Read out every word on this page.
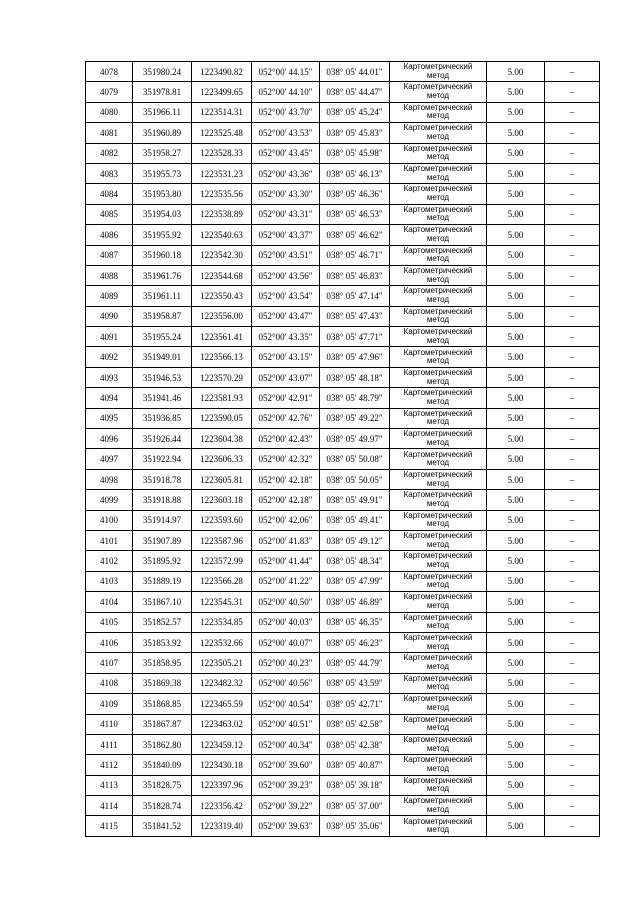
4078	351980.24	1223490.82	052°00' 44.15"	038° 05' 44.01"	Картометрический
метод	5.00	–
4079	351978.81	1223499.65	052°00' 44.10"	038° 05' 44.47"	Картометрический
метод	5.00	–
4080	351966.11	1223514.31	052°00' 43.70"	038° 05' 45.24"	Картометрический
метод	5.00	–
4081	351960.89	1223525.48	052°00' 43.53"	038° 05' 45.83"	Картометрический
метод	5.00	–
4082	351958.27	1223528.33	052°00' 43.45"	038° 05' 45.98"	Картометрический
метод	5.00	–
4083	351955.73	1223531.23	052°00' 43.36"	038° 05' 46.13"	Картометрический
метод	5.00	–
4084	351953.80	1223535.56	052°00' 43.30"	038° 05' 46.36"	Картометрический
метод	5.00	–
4085	351954.03	1223538.89	052°00' 43.31"	038° 05' 46.53"	Картометрический
метод	5.00	–
4086	351955.92	1223540.63	052°00' 43.37"	038° 05' 46.62"	Картометрический
метод	5.00	–
4087	351960.18	1223542.30	052°00' 43.51"	038° 05' 46.71"	Картометрический
метод	5.00	–
4088	351961.76	1223544.68	052°00' 43.56"	038° 05' 46.83"	Картометрический
метод	5.00	–
4089	351961.11	1223550.43	052°00' 43.54"	038° 05' 47.14"	Картометрический
метод	5.00	–
4090	351958.87	1223556.00	052°00' 43.47"	038° 05' 47.43"	Картометрический
метод	5.00	–
4091	351955.24	1223561.41	052°00' 43.35"	038° 05' 47.71"	Картометрический
метод	5.00	–
4092	351949.01	1223566.13	052°00' 43.15"	038° 05' 47.96"	Картометрический
метод	5.00	–
4093	351946.53	1223570.29	052°00' 43.07"	038° 05' 48.18"	Картометрический
метод	5.00	–
4094	351941.46	1223581.93	052°00' 42.91"	038° 05' 48.79"	Картометрический
метод	5.00	–
4095	351936.85	1223590.05	052°00' 42.76"	038° 05' 49.22"	Картометрический
метод	5.00	–
4096	351926.44	1223604.38	052°00' 42.43"	038° 05' 49.97"	Картометрический
метод	5.00	–
4097	351922.94	1223606.33	052°00' 42.32"	038° 05' 50.08"	Картометрический
метод	5.00	–
4098	351918.78	1223605.81	052°00' 42.18"	038° 05' 50.05"	Картометрический
метод	5.00	–
4099	351918.88	1223603.18	052°00' 42.18"	038° 05' 49.91"	Картометрический
метод	5.00	–
4100	351914.97	1223593.60	052°00' 42.06"	038° 05' 49.41"	Картометрический
метод	5.00	–
4101	351907.89	1223587.96	052°00' 41.83"	038° 05' 49.12"	Картометрический
метод	5.00	–
4102	351895.92	1223572.99	052°00' 41.44"	038° 05' 48.34"	Картометрический
метод	5.00	–
4103	351889.19	1223566.28	052°00' 41.22"	038° 05' 47.99"	Картометрический
метод	5.00	–
4104	351867.10	1223545.31	052°00' 40.50"	038° 05' 46.89"	Картометрический
метод	5.00	–
4105	351852.57	1223534.85	052°00' 40.03"	038° 05' 46.35"	Картометрический
метод	5.00	–
4106	351853.92	1223532.66	052°00' 40.07"	038° 05' 46.23"	Картометрический
метод	5.00	–
4107	351858.95	1223505.21	052°00' 40.23"	038° 05' 44.79"	Картометрический
метод	5.00	–
4108	351869.38	1223482.32	052°00' 40.56"	038° 05' 43.59"	Картометрический
метод	5.00	–
4109	351868.85	1223465.59	052°00' 40.54"	038° 05' 42.71"	Картометрический
метод	5.00	–
4110	351867.87	1223463.02	052°00' 40.51"	038° 05' 42.58"	Картометрический
метод	5.00	–
4111	351862.80	1223459.12	052°00' 40.34"	038° 05' 42.38"	Картометрический
метод	5.00	–
4112	351840.09	1223430.18	052°00' 39.60"	038° 05' 40.87"	Картометрический
метод	5.00	–
4113	351828.75	1223397.96	052°00' 39.23"	038° 05' 39.18"	Картометрический
метод	5.00	–
4114	351828.74	1223356.42	052°00' 39.22"	038° 05' 37.00"	Картометрический
метод	5.00	–
4115	351841.52	1223319.40	052°00' 39.63"	038° 05' 35.06"	Картометрический
метод	5.00	–
